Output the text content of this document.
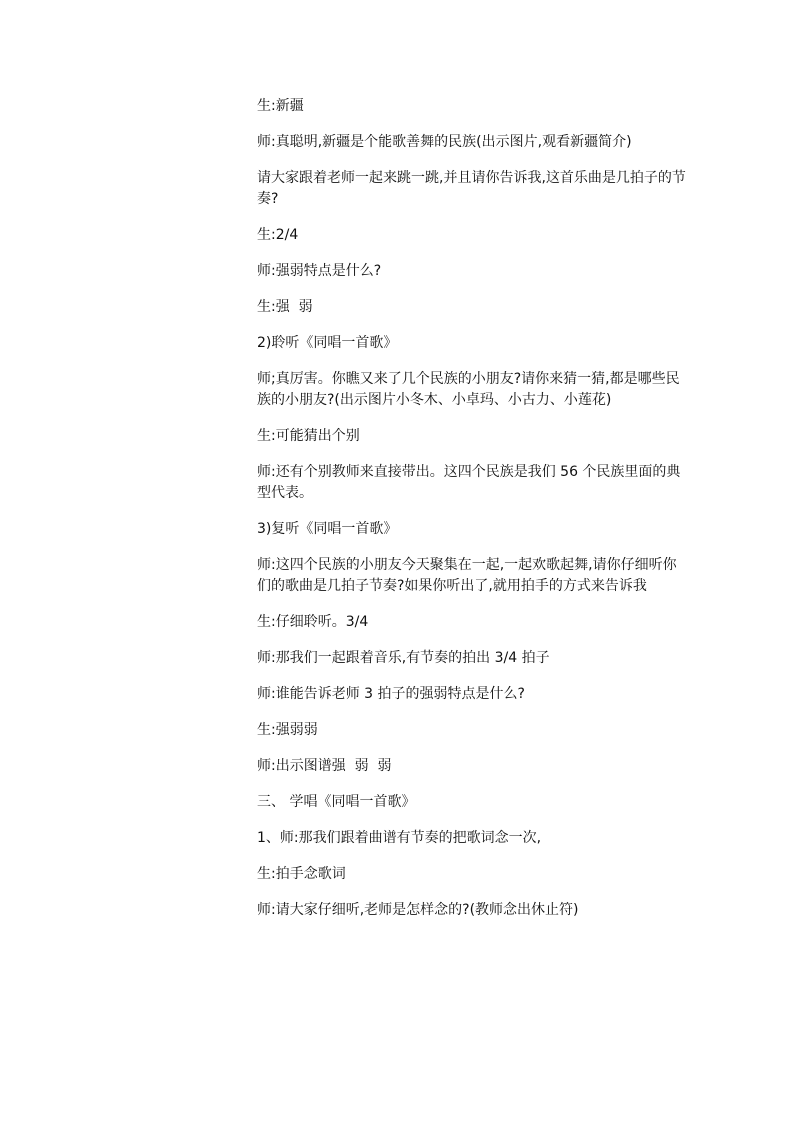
生:新疆

师:真聪明,新疆是个能歌善舞的民族(出示图片,观看新疆简介)

请大家跟着老师一起来跳一跳,并且请你告诉我,这首乐曲是几拍子的节奏?

生:2/4

师:强弱特点是什么?

生:强  弱

2)聆听《同唱一首歌》

师;真厉害。你瞧又来了几个民族的小朋友?请你来猜一猜,都是哪些民族的小朋友?(出示图片小冬木、小卓玛、小古力、小莲花)

生:可能猜出个别

师:还有个别教师来直接带出。这四个民族是我们 56 个民族里面的典型代表。

3)复听《同唱一首歌》

师:这四个民族的小朋友今天聚集在一起,一起欢歌起舞,请你仔细听你们的歌曲是几拍子节奏?如果你听出了,就用拍手的方式来告诉我

生:仔细聆听。3/4

师:那我们一起跟着音乐,有节奏的拍出 3/4 拍子

师:谁能告诉老师 3 拍子的强弱特点是什么?

生:强弱弱

师:出示图谱强  弱  弱

三、 学唱《同唱一首歌》

1、师:那我们跟着曲谱有节奏的把歌词念一次,

生:拍手念歌词

师:请大家仔细听,老师是怎样念的?(教师念出休止符)
